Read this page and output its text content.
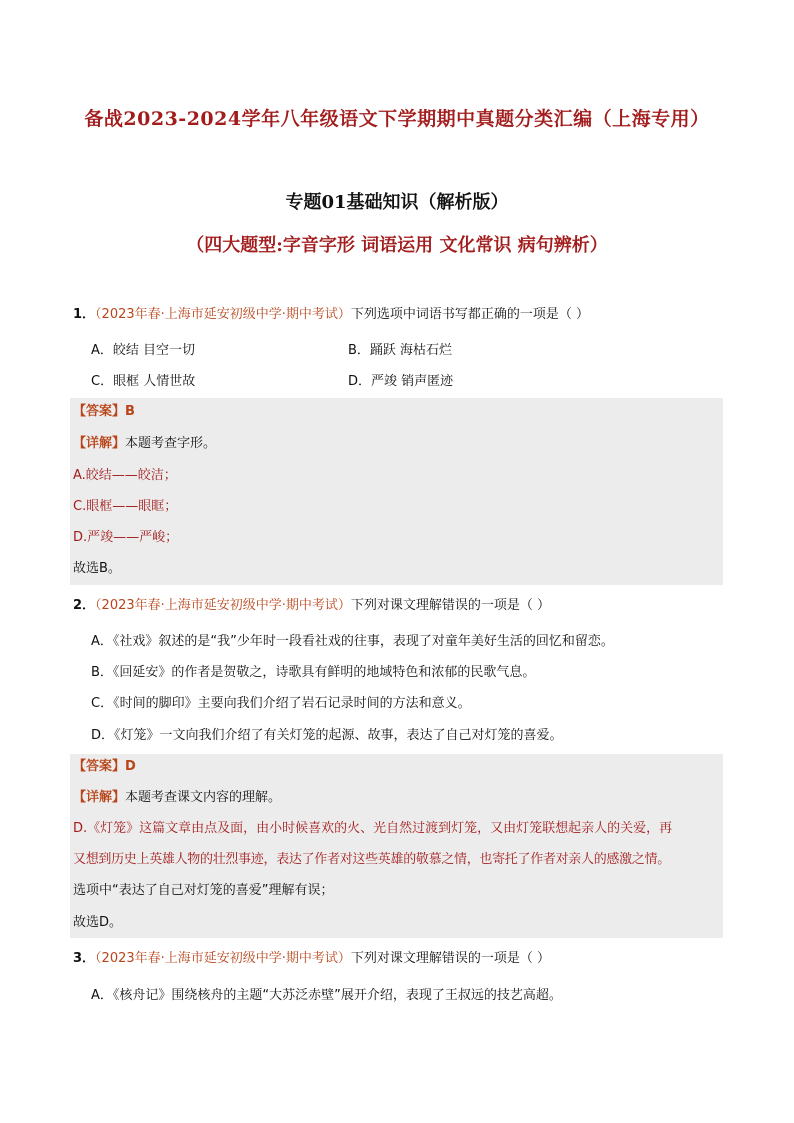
备战2023-2024学年八年级语文下学期期中真题分类汇编（上海专用）
专题01基础知识（解析版）
（四大题型:字音字形 词语运用 文化常识 病句辨析）
1．（2023年春·上海市延安初级中学·期中考试）下列选项中词语书写都正确的一项是（ ）
A．皎结 目空一切	B．踊跃 海枯石烂
C．眼框 人情世故	D．严竣 销声匿迹
【答案】B
【详解】本题考查字形。
A.皎结——皎洁；
C.眼框——眼眶；
D.严竣——严峻；
故选B。
2．（2023年春·上海市延安初级中学·期中考试）下列对课文理解错误的一项是（ ）
A．《社戏》叙述的是“我”少年时一段看社戏的往事，表现了对童年美好生活的回忆和留恋。
B．《回延安》的作者是贺敬之，诗歌具有鲜明的地域特色和浓郁的民歌气息。
C．《时间的脚印》主要向我们介绍了岩石记录时间的方法和意义。
D．《灯笼》一文向我们介绍了有关灯笼的起源、故事，表达了自己对灯笼的喜爱。
【答案】D
【详解】本题考查课文内容的理解。
D.《灯笼》这篇文章由点及面，由小时候喜欢的火、光自然过渡到灯笼，又由灯笼联想起亲人的关爱，再
又想到历史上英雄人物的壮烈事迹，表达了作者对这些英雄的敬慕之情，也寄托了作者对亲人的感激之情。
选项中“表达了自己对灯笼的喜爱”理解有误；
故选D。
3．（2023年春·上海市延安初级中学·期中考试）下列对课文理解错误的一项是（ ）
A．《核舟记》围绕核舟的主题“大苏泛赤壁”展开介绍，表现了王叔远的技艺高超。
